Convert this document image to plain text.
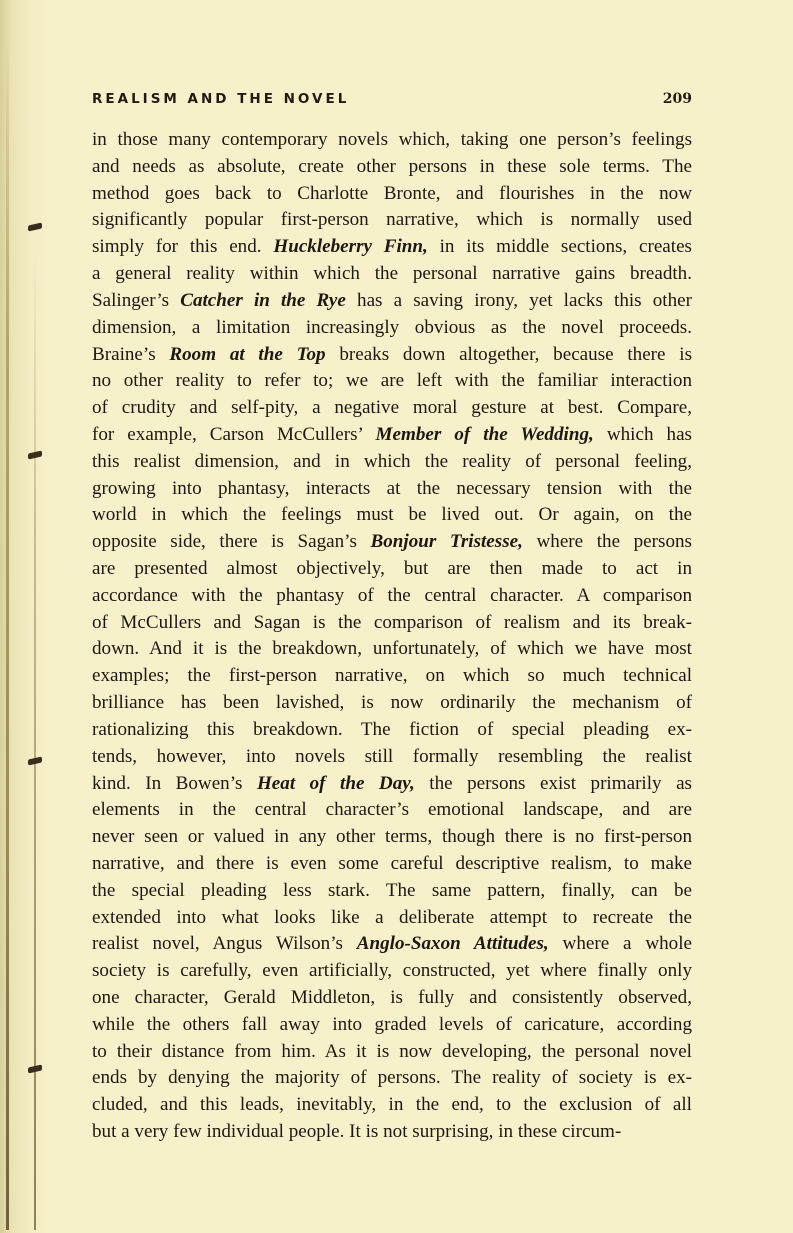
REALISM AND THE NOVEL	209
in those many contemporary novels which, taking one person’s feelings
and needs as absolute, create other persons in these sole terms. The
method goes back to Charlotte Bronte, and flourishes in the now
significantly popular first-person narrative, which is normally used
simply for this end. Huckleberry Finn, in its middle sections, creates
a general reality within which the personal narrative gains breadth.
Salinger’s Catcher in the Rye has a saving irony, yet lacks this other
dimension, a limitation increasingly obvious as the novel proceeds.
Braine’s Room at the Top breaks down altogether, because there is
no other reality to refer to; we are left with the familiar interaction
of crudity and self-pity, a negative moral gesture at best. Compare,
for example, Carson McCullers’ Member of the Wedding, which has
this realist dimension, and in which the reality of personal feeling,
growing into phantasy, interacts at the necessary tension with the
world in which the feelings must be lived out. Or again, on the
opposite side, there is Sagan’s Bonjour Tristesse, where the persons
are presented almost objectively, but are then made to act in
accordance with the phantasy of the central character. A comparison
of McCullers and Sagan is the comparison of realism and its break-
down. And it is the breakdown, unfortunately, of which we have most
examples; the first-person narrative, on which so much technical
brilliance has been lavished, is now ordinarily the mechanism of
rationalizing this breakdown. The fiction of special pleading ex-
tends, however, into novels still formally resembling the realist
kind. In Bowen’s Heat of the Day, the persons exist primarily as
elements in the central character’s emotional landscape, and are
never seen or valued in any other terms, though there is no first-person
narrative, and there is even some careful descriptive realism, to make
the special pleading less stark. The same pattern, finally, can be
extended into what looks like a deliberate attempt to recreate the
realist novel, Angus Wilson’s Anglo-Saxon Attitudes, where a whole
society is carefully, even artificially, constructed, yet where finally only
one character, Gerald Middleton, is fully and consistently observed,
while the others fall away into graded levels of caricature, according
to their distance from him. As it is now developing, the personal novel
ends by denying the majority of persons. The reality of society is ex-
cluded, and this leads, inevitably, in the end, to the exclusion of all
but a very few individual people. It is not surprising, in these circum-
